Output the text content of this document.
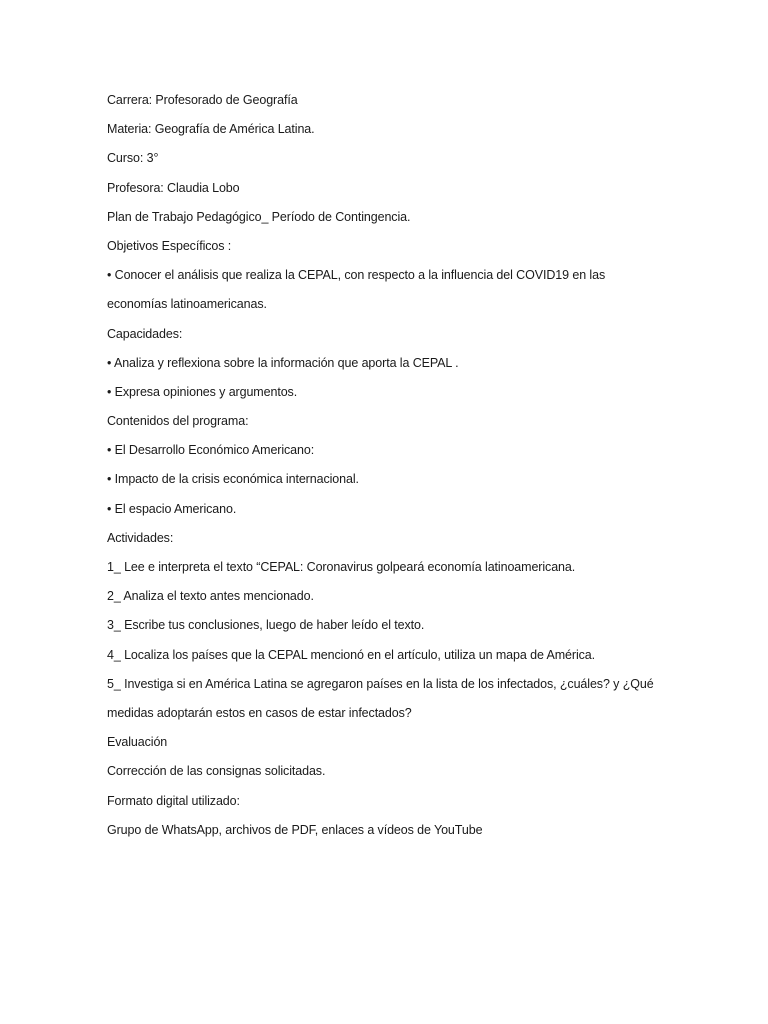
Carrera: Profesorado de Geografía
Materia: Geografía de América Latina.
Curso: 3°
Profesora: Claudia Lobo
Plan de Trabajo Pedagógico_ Período de Contingencia.
Objetivos Específicos :
• Conocer el análisis que realiza la CEPAL, con respecto a la influencia del COVID19 en las
economías latinoamericanas.
Capacidades:
• Analiza y reflexiona sobre la información que aporta la CEPAL .
• Expresa opiniones y argumentos.
Contenidos del programa:
• El Desarrollo Económico Americano:
• Impacto de la crisis económica internacional.
• El espacio Americano.
Actividades:
1_ Lee e interpreta el texto “CEPAL: Coronavirus golpeará economía latinoamericana.
2_ Analiza el texto antes mencionado.
3_ Escribe tus conclusiones, luego de haber leído el texto.
4_ Localiza los países que la CEPAL mencionó en el artículo, utiliza un mapa de América.
5_ Investiga si en América Latina se agregaron países en la lista de los infectados, ¿cuáles? y ¿Qué
medidas adoptarán estos en casos de estar infectados?
Evaluación
Corrección de las consignas solicitadas.
Formato digital utilizado:
Grupo de WhatsApp, archivos de PDF, enlaces a vídeos de YouTube
